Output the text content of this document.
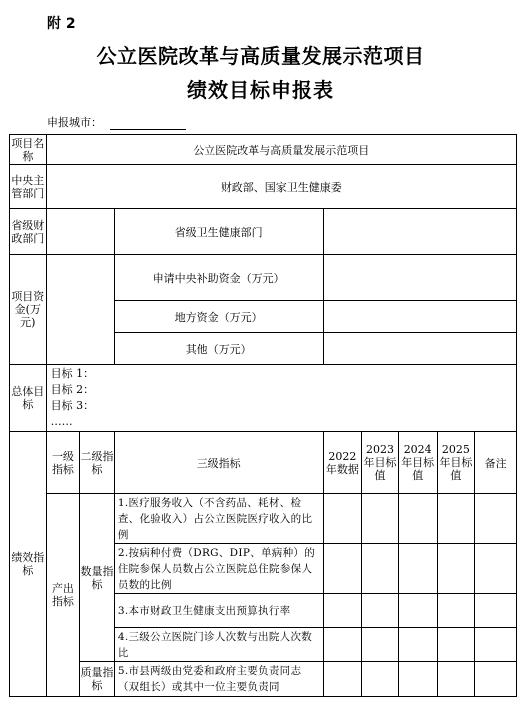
附 2
公立医院改革与高质量发展示范项目
绩效目标申报表
申报城市：
项目名称	公立医院改革与高质量发展示范项目							
中央主管部门	财政部、国家卫生健康委							
省级财政部门			省级卫生健康部门					
项目资金(万元)			申请中央补助资金（万元）					
			地方资金（万元）					
			其他（万元）					
总体目标	目标 1：
目标 2：
目标 3：
……							

绩效指标	一级指标	二级指标	三级指标	2022年数据	2023年目标值	2024年目标值	2025年目标值	备注
	产出指标	数量指标	1.医疗服务收入（不含药品、耗材、检查、化验收入）占公立医院医疗收入的比例					
			2.按病种付费（DRG、DIP、单病种）的住院参保人员数占公立医院总住院参保人员数的比例					
			3.本市财政卫生健康支出预算执行率					
			4.三级公立医院门诊人次数与出院人次数比					
		质量指标	5.市县两级由党委和政府主要负责同志（双组长）或其中一位主要负责同					
